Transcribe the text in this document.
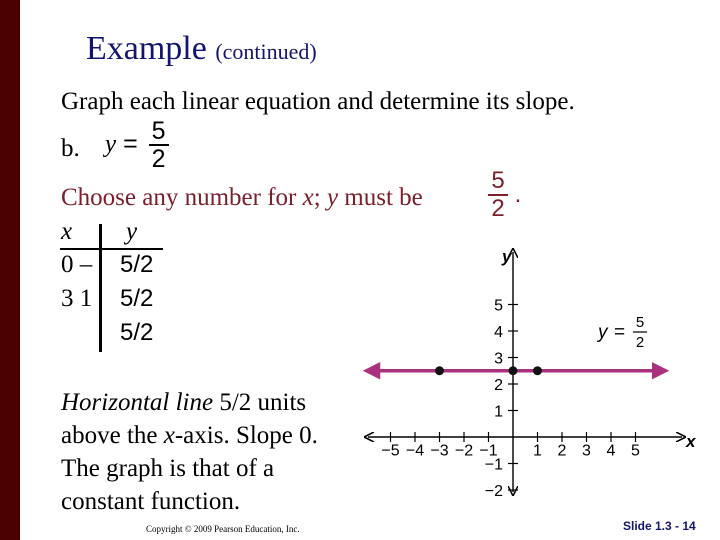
Example (continued)
Graph each linear equation and determine its slope.
b. $y = \frac{5}{2}$
Choose any number for x; y must be	$\frac{5}{2}$ .
x y
0 –
3 1
5/2
5/2
5/2
Horizontal line 5/2 units above the x-axis. Slope 0. The graph is that of a constant function.
x
y
−5 −4 −3 −2 −1 1 2 3 4 5
5
4
3
2
1
−1
−2
y = 5
2
Copyright © 2009 Pearson Education, Inc.	Slide 1.3 - 14
